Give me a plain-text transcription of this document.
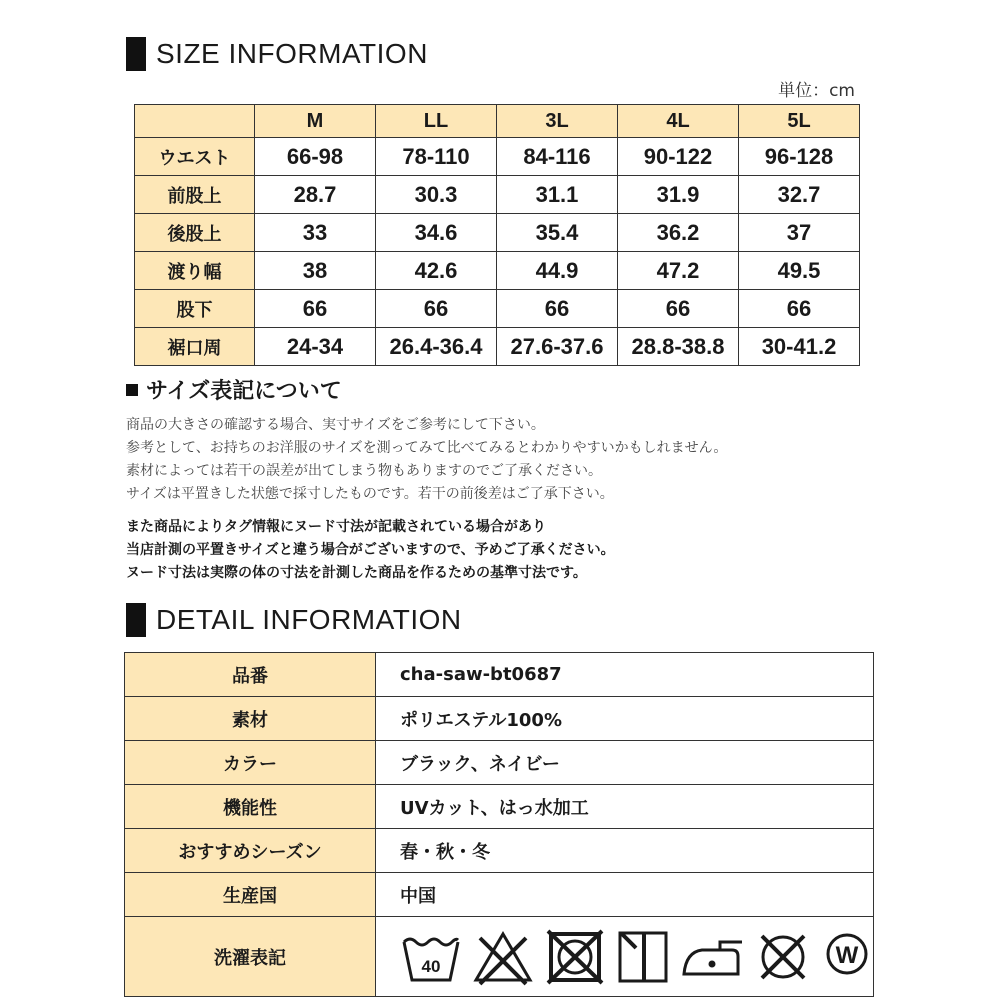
SIZE INFORMATION
単位：cm
	M	LL	3L	4L	5L
ウエスト	66-98	78-110	84-116	90-122	96-128
前股上	28.7	30.3	31.1	31.9	32.7
後股上	33	34.6	35.4	36.2	37
渡り幅	38	42.6	44.9	47.2	49.5
股下	66	66	66	66	66
裾口周	24-34	26.4-36.4	27.6-37.6	28.8-38.8	30-41.2
サイズ表記について
商品の大きさの確認する場合、実寸サイズをご参考にして下さい。
参考として、お持ちのお洋服のサイズを測ってみて比べてみるとわかりやすいかもしれません。
素材によっては若干の誤差が出てしまう物もありますのでご了承ください。
サイズは平置きした状態で採寸したものです。若干の前後差はご了承下さい。
また商品によりタグ情報にヌード寸法が記載されている場合があり
当店計測の平置きサイズと違う場合がございますので、予めご了承ください。
ヌード寸法は実際の体の寸法を計測した商品を作るための基準寸法です。
DETAIL INFORMATION
品番	cha-saw-bt0687
素材	ポリエステル100%
カラー	ブラック、ネイビー
機能性	UVカット、はっ水加工
おすすめシーズン	春・秋・冬
生産国	中国
洗濯表記	40 W
